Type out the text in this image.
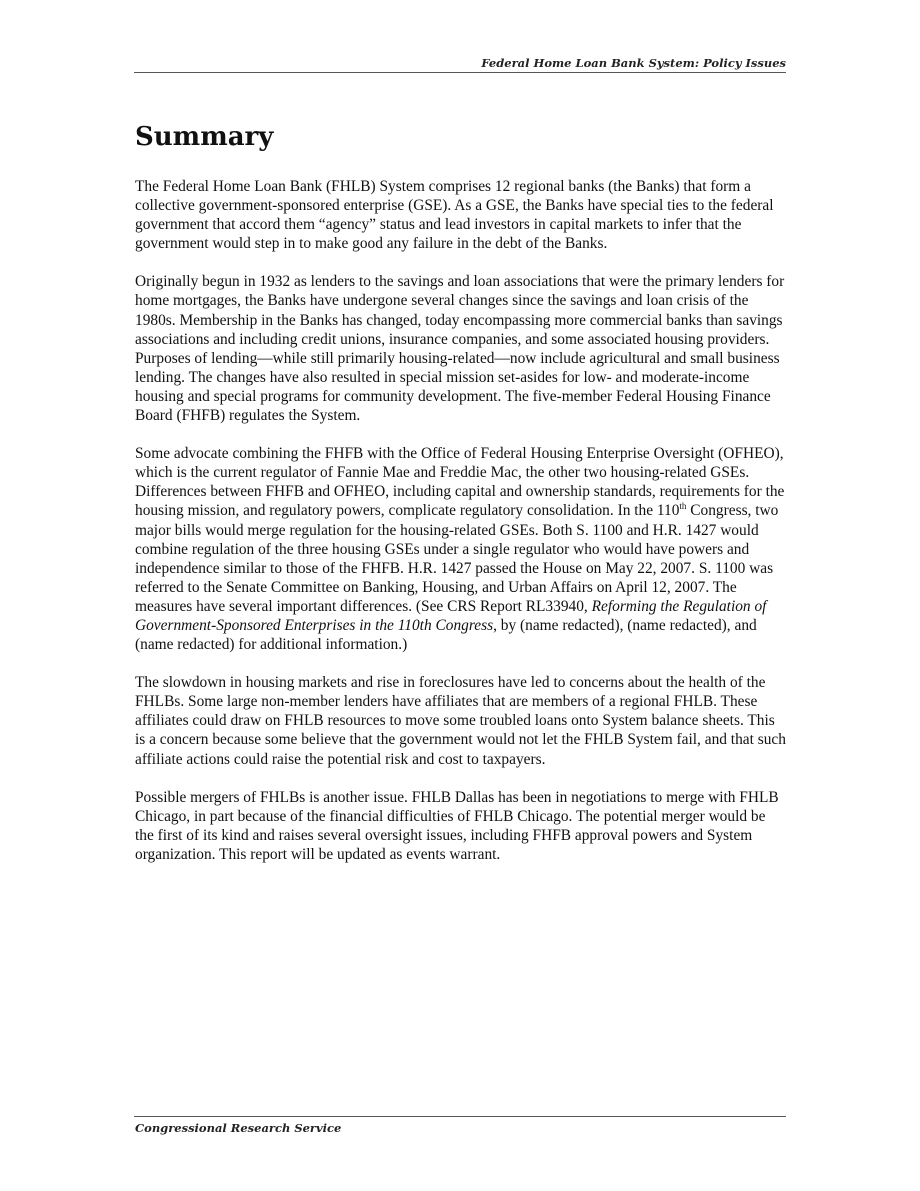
Federal Home Loan Bank System: Policy Issues
Summary

The Federal Home Loan Bank (FHLB) System comprises 12 regional banks (the Banks) that form a collective government-sponsored enterprise (GSE). As a GSE, the Banks have special ties to the federal government that accord them “agency” status and lead investors in capital markets to infer that the government would step in to make good any failure in the debt of the Banks.

Originally begun in 1932 as lenders to the savings and loan associations that were the primary lenders for home mortgages, the Banks have undergone several changes since the savings and loan crisis of the 1980s. Membership in the Banks has changed, today encompassing more commercial banks than savings associations and including credit unions, insurance companies, and some associated housing providers. Purposes of lending—while still primarily housing-related—now include agricultural and small business lending. The changes have also resulted in special mission set-asides for low- and moderate-income housing and special programs for community development. The five-member Federal Housing Finance Board (FHFB) regulates the System.

Some advocate combining the FHFB with the Office of Federal Housing Enterprise Oversight (OFHEO), which is the current regulator of Fannie Mae and Freddie Mac, the other two housing-related GSEs. Differences between FHFB and OFHEO, including capital and ownership standards, requirements for the housing mission, and regulatory powers, complicate regulatory consolidation. In the 110th Congress, two major bills would merge regulation for the housing-related GSEs. Both S. 1100 and H.R. 1427 would combine regulation of the three housing GSEs under a single regulator who would have powers and independence similar to those of the FHFB. H.R. 1427 passed the House on May 22, 2007. S. 1100 was referred to the Senate Committee on Banking, Housing, and Urban Affairs on April 12, 2007. The measures have several important differences. (See CRS Report RL33940, Reforming the Regulation of Government-Sponsored Enterprises in the 110th Congress, by (name redacted), (name redacted), and (name redacted) for additional information.)

The slowdown in housing markets and rise in foreclosures have led to concerns about the health of the FHLBs. Some large non-member lenders have affiliates that are members of a regional FHLB. These affiliates could draw on FHLB resources to move some troubled loans onto System balance sheets. This is a concern because some believe that the government would not let the FHLB System fail, and that such affiliate actions could raise the potential risk and cost to taxpayers.

Possible mergers of FHLBs is another issue. FHLB Dallas has been in negotiations to merge with FHLB Chicago, in part because of the financial difficulties of FHLB Chicago. The potential merger would be the first of its kind and raises several oversight issues, including FHFB approval powers and System organization. This report will be updated as events warrant.

Congressional Research Service
